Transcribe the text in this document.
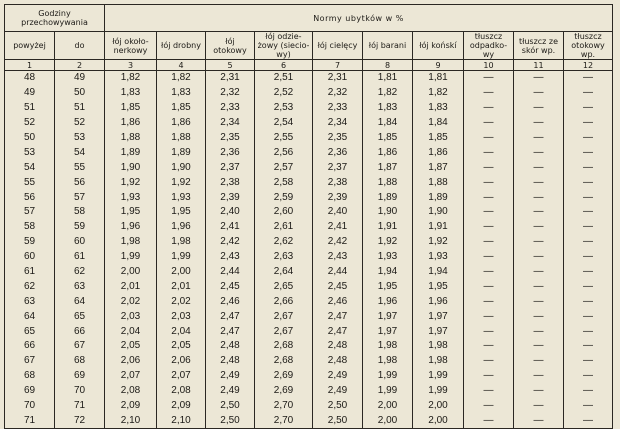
Godziny przechowywania		Normy ubytków w %									
powyżej	do	łój około-nerkowy	łój drobny	łój otokowy	łój odzie-żowy (sieciowy)	łój cielęcy	łój barani	łój końskí	tłuszcz odpadko-wy	tłuszcz ze skór wp.	tłuszcz otokowy wp.
1	2	3	4	5	6	7	8	9	10	11	12
48	49	1,82	1,82	2,31	2,51	2,31	1,81	1,81	—	—	—
49	50	1,83	1,83	2,32	2,52	2,32	1,82	1,82	—	—	—
51	51	1,85	1,85	2,33	2,53	2,33	1,83	1,83	—	—	—
52	52	1,86	1,86	2,34	2,54	2,34	1,84	1,84	—	—	—
50	53	1,88	1,88	2,35	2,55	2,35	1,85	1,85	—	—	—
53	54	1,89	1,89	2,36	2,56	2,36	1,86	1,86	—	—	—
54	55	1,90	1,90	2,37	2,57	2,37	1,87	1,87	—	—	—
55	56	1,92	1,92	2,38	2,58	2,38	1,88	1,88	—	—	—
56	57	1,93	1,93	2,39	2,59	2,39	1,89	1,89	—	—	—
57	58	1,95	1,95	2,40	2,60	2,40	1,90	1,90	—	—	—
58	59	1,96	1,96	2,41	2,61	2,41	1,91	1,91	—	—	—
59	60	1,98	1,98	2,42	2,62	2,42	1,92	1,92	—	—	—
60	61	1,99	1,99	2,43	2,63	2,43	1,93	1,93	—	—	—
61	62	2,00	2,00	2,44	2,64	2,44	1,94	1,94	—	—	—
62	63	2,01	2,01	2,45	2,65	2,45	1,95	1,95	—	—	—
63	64	2,02	2,02	2,46	2,66	2,46	1,96	1,96	—	—	—
64	65	2,03	2,03	2,47	2,67	2,47	1,97	1,97	—	—	—
65	66	2,04	2,04	2,47	2,67	2,47	1,97	1,97	—	—	—
66	67	2,05	2,05	2,48	2,68	2,48	1,98	1,98	—	—	—
67	68	2,06	2,06	2,48	2,68	2,48	1,98	1,98	—	—	—
68	69	2,07	2,07	2,49	2,69	2,49	1,99	1,99	—	—	—
69	70	2,08	2,08	2,49	2,69	2,49	1,99	1,99	—	—	—
70	71	2,09	2,09	2,50	2,70	2,50	2,00	2,00	—	—	—
71	72	2,10	2,10	2,50	2,70	2,50	2,00	2,00	—	—	—
